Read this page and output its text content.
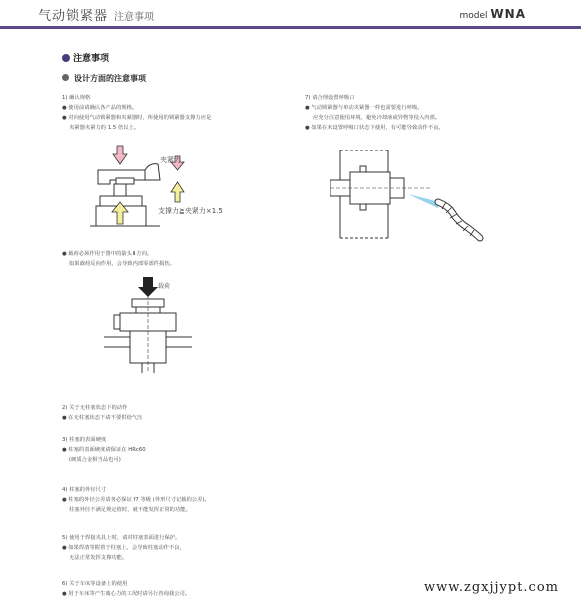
气动锁紧器 注意事项	model WNA
注意事项
设计方面的注意事项
1) 确认规格
● 使用前请确认各产品的规格。
● 对向使用气动锁紧器和夹紧器时，所使用的锁紧器支撑力应是
夹紧器夹紧力的 1.5 倍以上。
夹紧力
支撑力≧夹紧力×1.5
● 载荷必须作用于图中的箭头⬇方向。
如果载荷反向作用，会导致内部零部件损伤。
载荷
2) 关于无柱塞状态下的动作
● 在无柱塞状态下请不要供给气压
3) 柱塞的表面硬度
● 柱塞的表面硬度请保证在 HRc60
(硬质合金相当品也可)
4) 柱塞的外径尺寸
● 柱塞的外径公差请务必保证 f7 等级 (外形尺寸记载的公差)。
柱塞外径不满足规定值时，就不能发挥正常的功能。
5) 使用于焊接夹具上时，请对柱塞表面进行保护。
● 如果焊渣等附着于柱塞上，会导致柱塞动作不良，
无法正常发挥支撑功能。
6) 关于车床等设备上的使用
● 用于车床等产生离心力的工况时请另行咨询我公司。
7) 请合理设置呼吸口
● 气动锁紧器与单动夹紧器一样也需要进行呼吸。
应充分注意使用环境，避免冷却液或异物等侵入内部。
● 如果在未设置呼吸口状态下使用，有可能导致动作不良。
www.zgxjjypt.com
